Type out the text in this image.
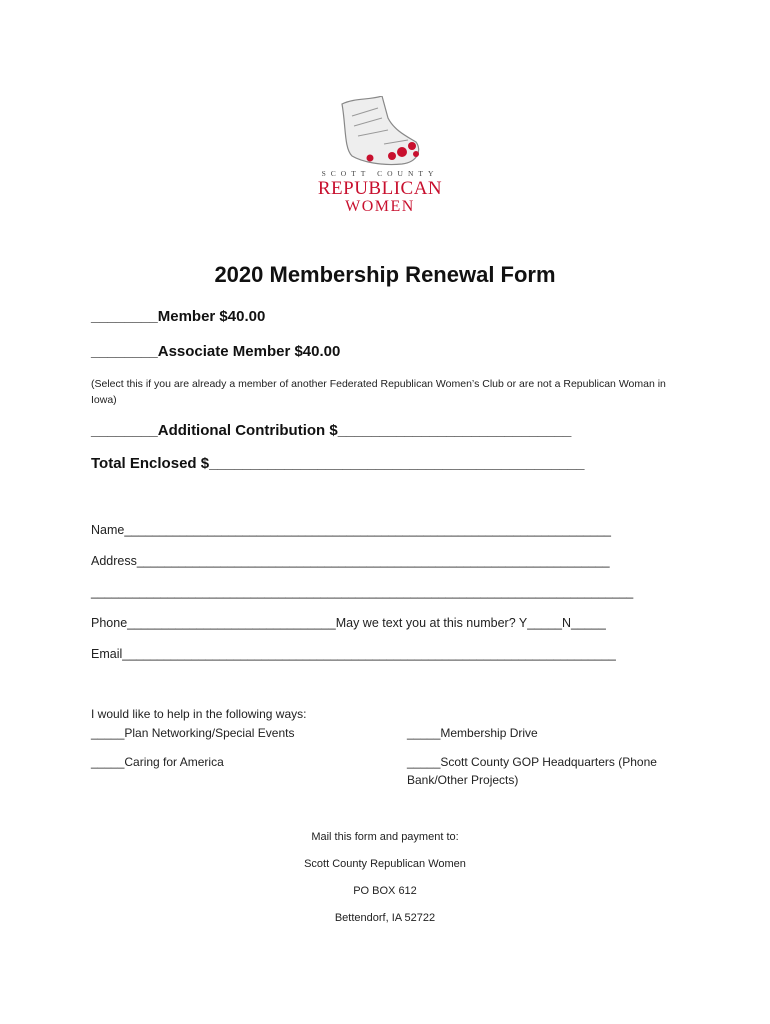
SCOTT COUNTY
REPUBLICAN
WOMEN
2020 Membership Renewal Form
________Member $40.00
________Associate Member $40.00
(Select this if you are already a member of another Federated Republican Women’s Club or are not a Republican Woman in Iowa)
________Additional Contribution $____________________________
Total Enclosed $_____________________________________________
Name______________________________________________________________________
Address____________________________________________________________________
______________________________________________________________________________
Phone______________________________May we text you at this number? Y_____N_____
Email_______________________________________________________________________
I would like to help in the following ways:
_____Plan Networking/Special Events	_____Membership Drive
_____Caring for America	_____Scott County GOP Headquarters (Phone
Bank/Other Projects)
Mail this form and payment to:
Scott County Republican Women
PO BOX 612
Bettendorf, IA 52722
